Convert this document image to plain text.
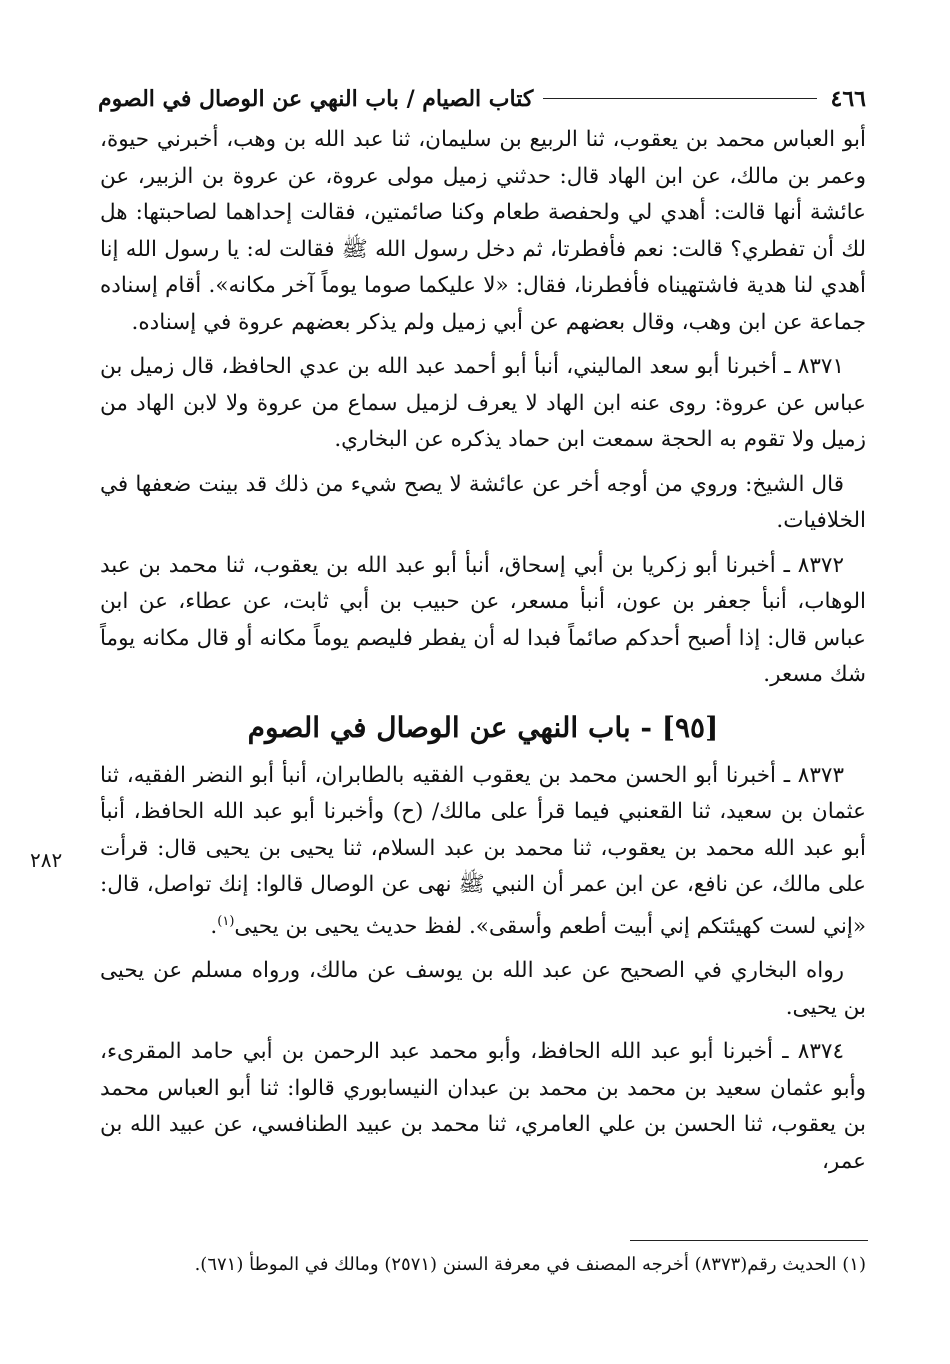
٤٦٦
كتاب الصيام / باب النهي عن الوصال في الصوم

أبو العباس محمد بن يعقوب، ثنا الربيع بن سليمان، ثنا عبد الله بن وهب، أخبرني حيوة، وعمر بن مالك، عن ابن الهاد قال: حدثني زميل مولى عروة، عن عروة بن الزبير، عن عائشة أنها قالت: أهدي لي ولحفصة طعام وكنا صائمتين، فقالت إحداهما لصاحبتها: هل لك أن تفطري؟ قالت: نعم فأفطرتا، ثم دخل رسول الله ﷺ فقالت له: يا رسول الله إنا أهدي لنا هدية فاشتهيناه فأفطرنا، فقال: «لا عليكما صوما يوماً آخر مكانه». أقام إسناده جماعة عن ابن وهب، وقال بعضهم عن أبي زميل ولم يذكر بعضهم عروة في إسناده.

٨٣٧١ ـ أخبرنا أبو سعد الماليني، أنبأ أبو أحمد عبد الله بن عدي الحافظ، قال زميل بن عباس عن عروة: روى عنه ابن الهاد لا يعرف لزميل سماع من عروة ولا لابن الهاد من زميل ولا تقوم به الحجة سمعت ابن حماد يذكره عن البخاري.

قال الشيخ: وروي من أوجه أخر عن عائشة لا يصح شيء من ذلك قد بينت ضعفها في الخلافيات.

٨٣٧٢ ـ أخبرنا أبو زكريا بن أبي إسحاق، أنبأ أبو عبد الله بن يعقوب، ثنا محمد بن عبد الوهاب، أنبأ جعفر بن عون، أنبأ مسعر، عن حبيب بن أبي ثابت، عن عطاء، عن ابن عباس قال: إذا أصبح أحدكم صائماً فبدا له أن يفطر فليصم يوماً مكانه أو قال مكانه يوماً شك مسعر.

[٩٥] - باب النهي عن الوصال في الصوم

٨٣٧٣ ـ أخبرنا أبو الحسن محمد بن يعقوب الفقيه بالطابران، أنبأ أبو النضر الفقيه، ثنا عثمان بن سعيد، ثنا القعنبي فيما قرأ على مالك/ (ح) وأخبرنا أبو عبد الله الحافظ، أنبأ أبو عبد الله محمد بن يعقوب، ثنا محمد بن عبد السلام، ثنا يحيى بن يحيى قال: قرأت على مالك، عن نافع، عن ابن عمر أن النبي ﷺ نهى عن الوصال قالوا: إنك تواصل، قال: «إني لست كهيئتكم إني أبيت أطعم وأسقى». لفظ حديث يحيى بن يحيى$^{(١)}$.

رواه البخاري في الصحيح عن عبد الله بن يوسف عن مالك، ورواه مسلم عن يحيى بن يحيى.

٨٣٧٤ ـ أخبرنا أبو عبد الله الحافظ، وأبو محمد عبد الرحمن بن أبي حامد المقرىء، وأبو عثمان سعيد بن محمد بن محمد بن عبدان النيسابوري قالوا: ثنا أبو العباس محمد بن يعقوب، ثنا الحسن بن علي العامري، ثنا محمد بن عبيد الطنافسي، عن عبيد الله بن عمر،

٢٨٢
(١) الحديث رقم(٨٣٧٣) أخرجه المصنف في معرفة السنن (٢٥٧١) ومالك في الموطأ (٦٧١).
